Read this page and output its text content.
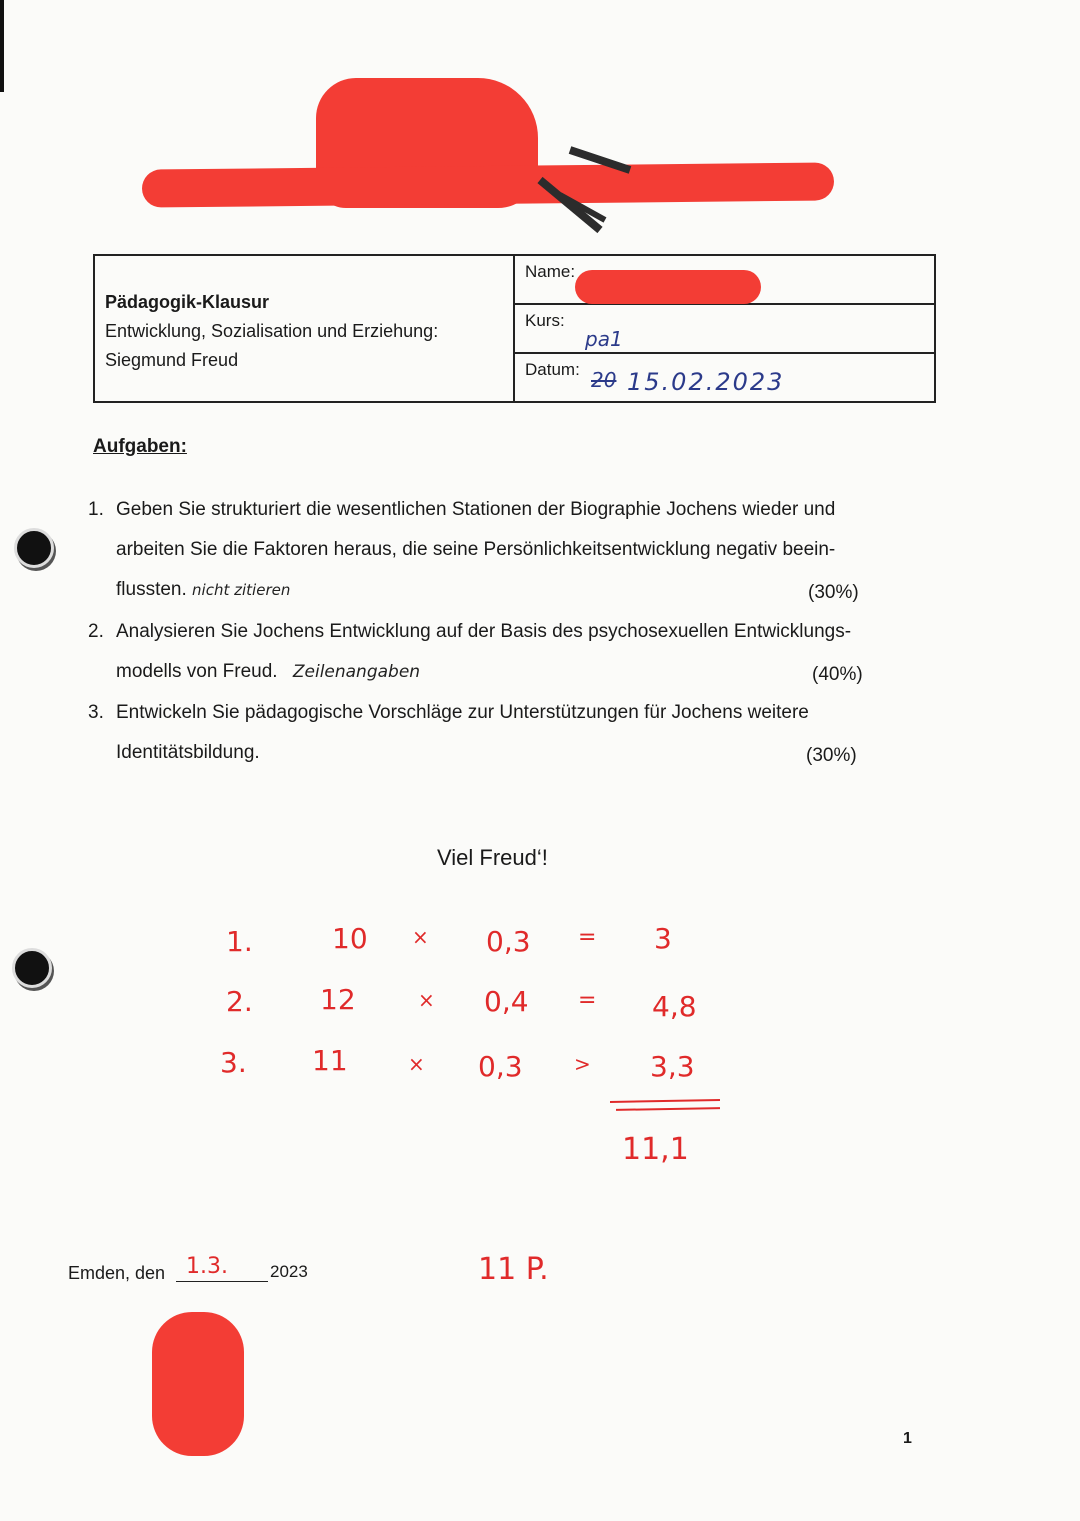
Pädagogik-Klausur
Entwicklung, Sozialisation und Erziehung:
Siegmund Freud
Name:
Kurs:
pa1
Datum: 20 15.02.2023
Aufgaben:
1. Geben Sie strukturiert die wesentlichen Stationen der Biographie Jochens wieder und
arbeiten Sie die Faktoren heraus, die seine Persönlichkeitsentwicklung negativ beein-
flussten. nicht zitieren	(30%)
2. Analysieren Sie Jochens Entwicklung auf der Basis des psychosexuellen Entwicklungs-
modells von Freud. Zeilenangaben	(40%)
3. Entwickeln Sie pädagogische Vorschläge zur Unterstützungen für Jochens weitere
Identitätsbildung.	(30%)
Viel Freud‘!
1.	10 × 0,3 = 3
2. 12	× 0,4 = 4,8
3. 11	× 0,3	> 3,3
11,1
11 P.
Emden, den 1.3. 2023
1
